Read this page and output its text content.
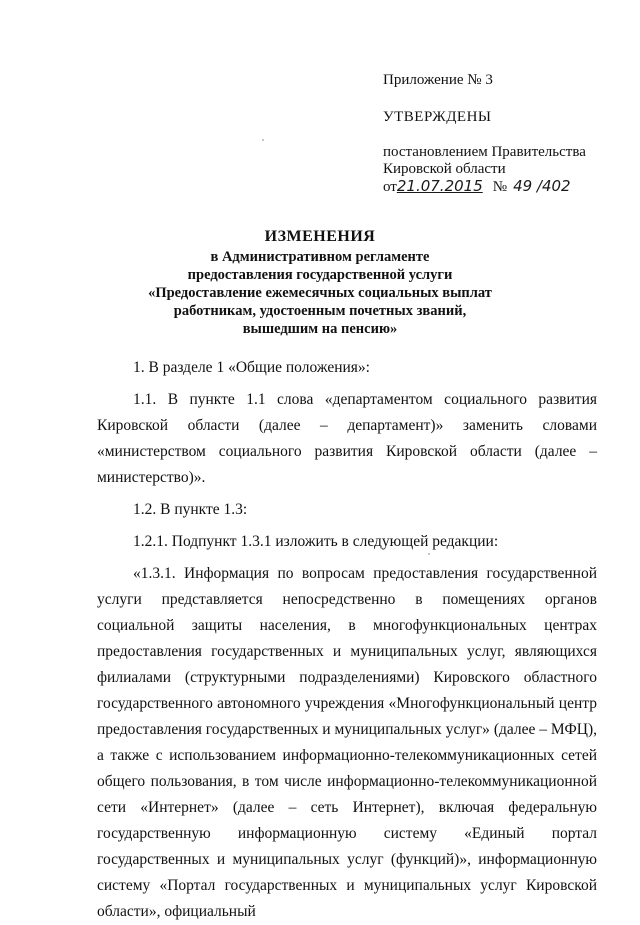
Приложение № 3

УТВЕРЖДЕНЫ

постановлением Правительства

Кировской области

от21.07.2015 № 49 /402

ИЗМЕНЕНИЯ

в Административном регламенте

предоставления государственной услуги

«Предоставление ежемесячных социальных выплат

работникам, удостоенным почетных званий,

вышедшим на пенсию»

1. В разделе 1 «Общие положения»:

1.1. В пункте 1.1 слова «департаментом социального развития Кировской области (далее – департамент)» заменить словами «министерством социального развития Кировской области (далее – министерство)».

1.2. В пункте 1.3:

1.2.1. Подпункт 1.3.1 изложить в следующей редакции:

«1.3.1. Информация по вопросам предоставления государственной услуги представляется непосредственно в помещениях органов социальной защиты населения, в многофункциональных центрах предоставления государственных и муниципальных услуг, являющихся филиалами (структурными подразделениями) Кировского областного государственного автономного учреждения «Многофункциональный центр предоставления государственных и муниципальных услуг» (далее – МФЦ), а также с использованием информационно-телекоммуникационных сетей общего пользования, в том числе информационно-телекоммуникационной сети «Интернет» (далее – сеть Интернет), включая федеральную государственную информационную систему «Единый портал государственных и муниципальных услуг (функций)», информационную систему «Портал государственных и муниципальных услуг Кировской области», официальный
